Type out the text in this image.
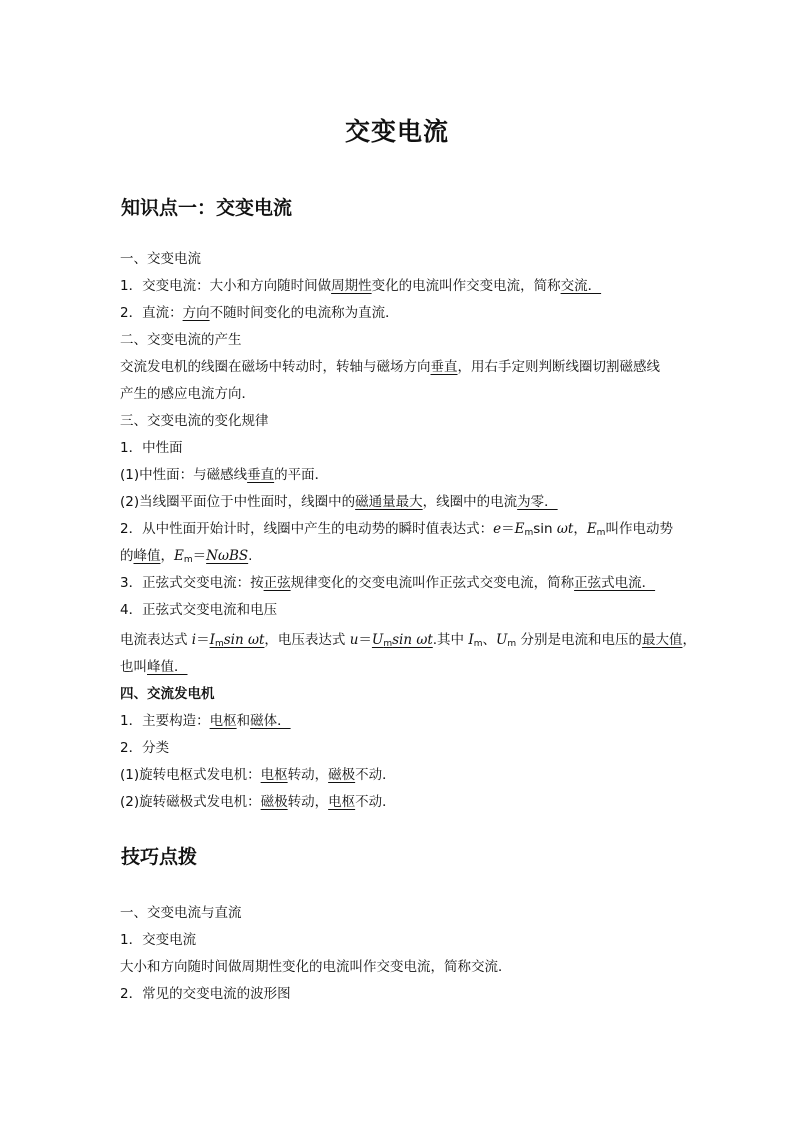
交变电流
知识点一：交变电流
一、交变电流
1．交变电流：大小和方向随时间做周期性变化的电流叫作交变电流，简称交流．
2．直流：方向不随时间变化的电流称为直流．
二、交变电流的产生
交流发电机的线圈在磁场中转动时，转轴与磁场方向垂直，用右手定则判断线圈切割磁感线
产生的感应电流方向．
三、交变电流的变化规律
1．中性面
(1)中性面：与磁感线垂直的平面．
(2)当线圈平面位于中性面时，线圈中的磁通量最大，线圈中的电流为零．
2．从中性面开始计时，线圈中产生的电动势的瞬时值表达式：$e=E_m\sin$ ωt，$E_m$叫作电动势
的峰值，$E_m=N\omega BS$.
3．正弦式交变电流：按正弦规律变化的交变电流叫作正弦式交变电流，简称正弦式电流．
4．正弦式交变电流和电压
电流表达式 $i=I_m\sin$ ωt，电压表达式 $u=U_m\sin$ ωt.其中 $I_m$、$U_m$ 分别是电流和电压的最大值，
也叫峰值．
四、交流发电机
1．主要构造：电枢和磁体．
2．分类
(1)旋转电枢式发电机：电枢转动，磁极不动．
(2)旋转磁极式发电机：磁极转动，电枢不动．
技巧点拨
一、交变电流与直流
1．交变电流
大小和方向随时间做周期性变化的电流叫作交变电流，简称交流．
2．常见的交变电流的波形图
